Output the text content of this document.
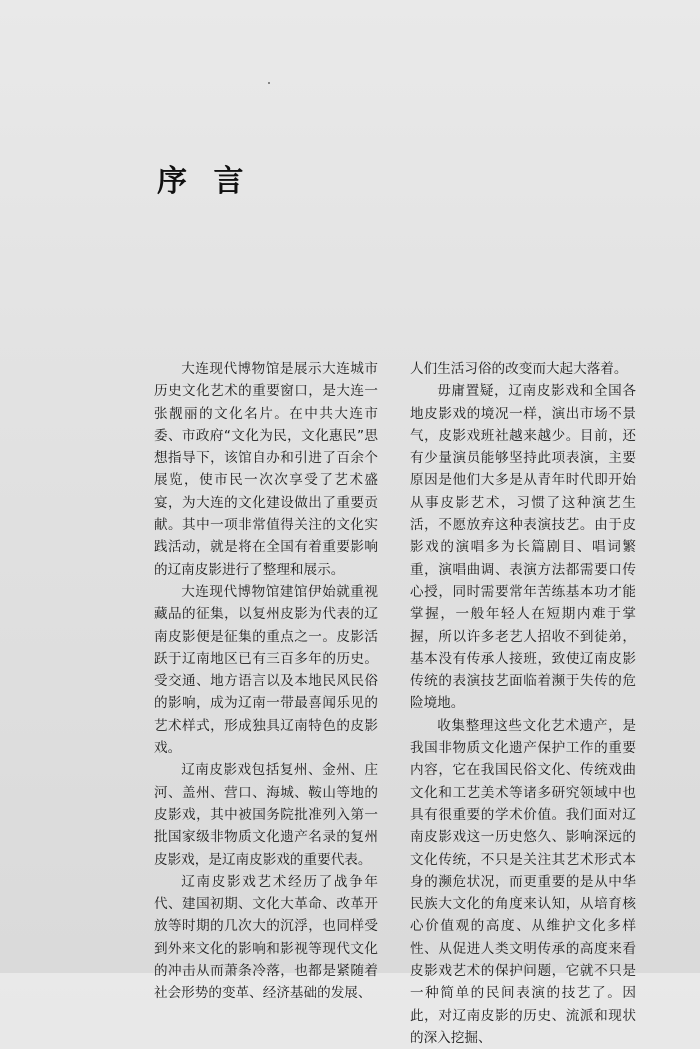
序 言

大连现代博物馆是展示大连城市历史文化艺术的重要窗口，是大连一张靓丽的文化名片。在中共大连市委、市政府“文化为民，文化惠民”思想指导下，该馆自办和引进了百余个展览，使市民一次次享受了艺术盛宴，为大连的文化建设做出了重要贡献。其中一项非常值得关注的文化实践活动，就是将在全国有着重要影响的辽南皮影进行了整理和展示。

大连现代博物馆建馆伊始就重视藏品的征集，以复州皮影为代表的辽南皮影便是征集的重点之一。皮影活跃于辽南地区已有三百多年的历史。受交通、地方语言以及本地民风民俗的影响，成为辽南一带最喜闻乐见的艺术样式，形成独具辽南特色的皮影戏。

辽南皮影戏包括复州、金州、庄河、盖州、营口、海城、鞍山等地的皮影戏，其中被国务院批准列入第一批国家级非物质文化遗产名录的复州皮影戏，是辽南皮影戏的重要代表。

辽南皮影戏艺术经历了战争年代、建国初期、文化大革命、改革开放等时期的几次大的沉浮，也同样受到外来文化的影响和影视等现代文化的冲击从而萧条冷落，也都是紧随着社会形势的变革、经济基础的发展、

人们生活习俗的改变而大起大落着。

毋庸置疑，辽南皮影戏和全国各地皮影戏的境况一样，演出市场不景气，皮影戏班社越来越少。目前，还有少量演员能够坚持此项表演，主要原因是他们大多是从青年时代即开始从事皮影艺术，习惯了这种演艺生活，不愿放弃这种表演技艺。由于皮影戏的演唱多为长篇剧目、唱词繁重，演唱曲调、表演方法都需要口传心授，同时需要常年苦练基本功才能掌握，一般年轻人在短期内难于掌握，所以许多老艺人招收不到徒弟，基本没有传承人接班，致使辽南皮影传统的表演技艺面临着濒于失传的危险境地。

收集整理这些文化艺术遗产，是我国非物质文化遗产保护工作的重要内容，它在我国民俗文化、传统戏曲文化和工艺美术等诸多研究领域中也具有很重要的学术价值。我们面对辽南皮影戏这一历史悠久、影响深远的文化传统，不只是关注其艺术形式本身的濒危状况，而更重要的是从中华民族大文化的角度来认知，从培育核心价值观的高度、从维护文化多样性、从促进人类文明传承的高度来看皮影戏艺术的保护问题，它就不只是一种简单的民间表演的技艺了。因此，对辽南皮影的历史、流派和现状的深入挖掘、
